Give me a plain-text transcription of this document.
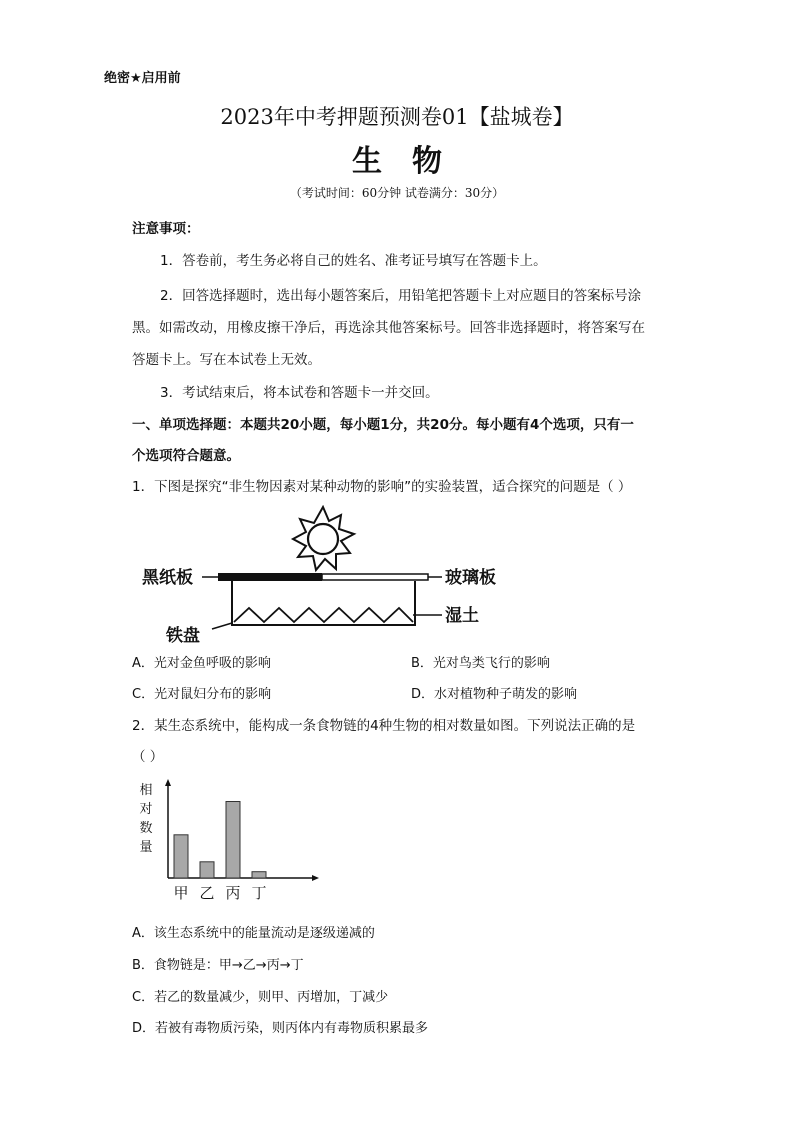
绝密★启用前
2023年中考押题预测卷01【盐城卷】
生物
（考试时间：60分钟 试卷满分：30分）
注意事项：
1．答卷前，考生务必将自己的姓名、准考证号填写在答题卡上。
2．回答选择题时，选出每小题答案后，用铅笔把答题卡上对应题目的答案标号涂
黑。如需改动，用橡皮擦干净后，再选涂其他答案标号。回答非选择题时，将答案写在
答题卡上。写在本试卷上无效。
3．考试结束后，将本试卷和答题卡一并交回。
一、单项选择题：本题共20小题，每小题1分，共20分。每小题有4个选项，只有一
个选项符合题意。
1．下图是探究“非生物因素对某种动物的影响”的实验装置，适合探究的问题是（ ）
黑纸板	玻璃板
湿土
铁盘
A．光对金鱼呼吸的影响	B．光对鸟类飞行的影响
C．光对鼠妇分布的影响	D．水对植物种子萌发的影响
2．某生态系统中，能构成一条食物链的4种生物的相对数量如图。下列说法正确的是
（ ）
相对数量
甲 乙 丙 丁
A．该生态系统中的能量流动是逐级递减的
B．食物链是：甲→乙→丙→丁
C．若乙的数量减少，则甲、丙增加，丁减少
D．若被有毒物质污染，则丙体内有毒物质积累最多
